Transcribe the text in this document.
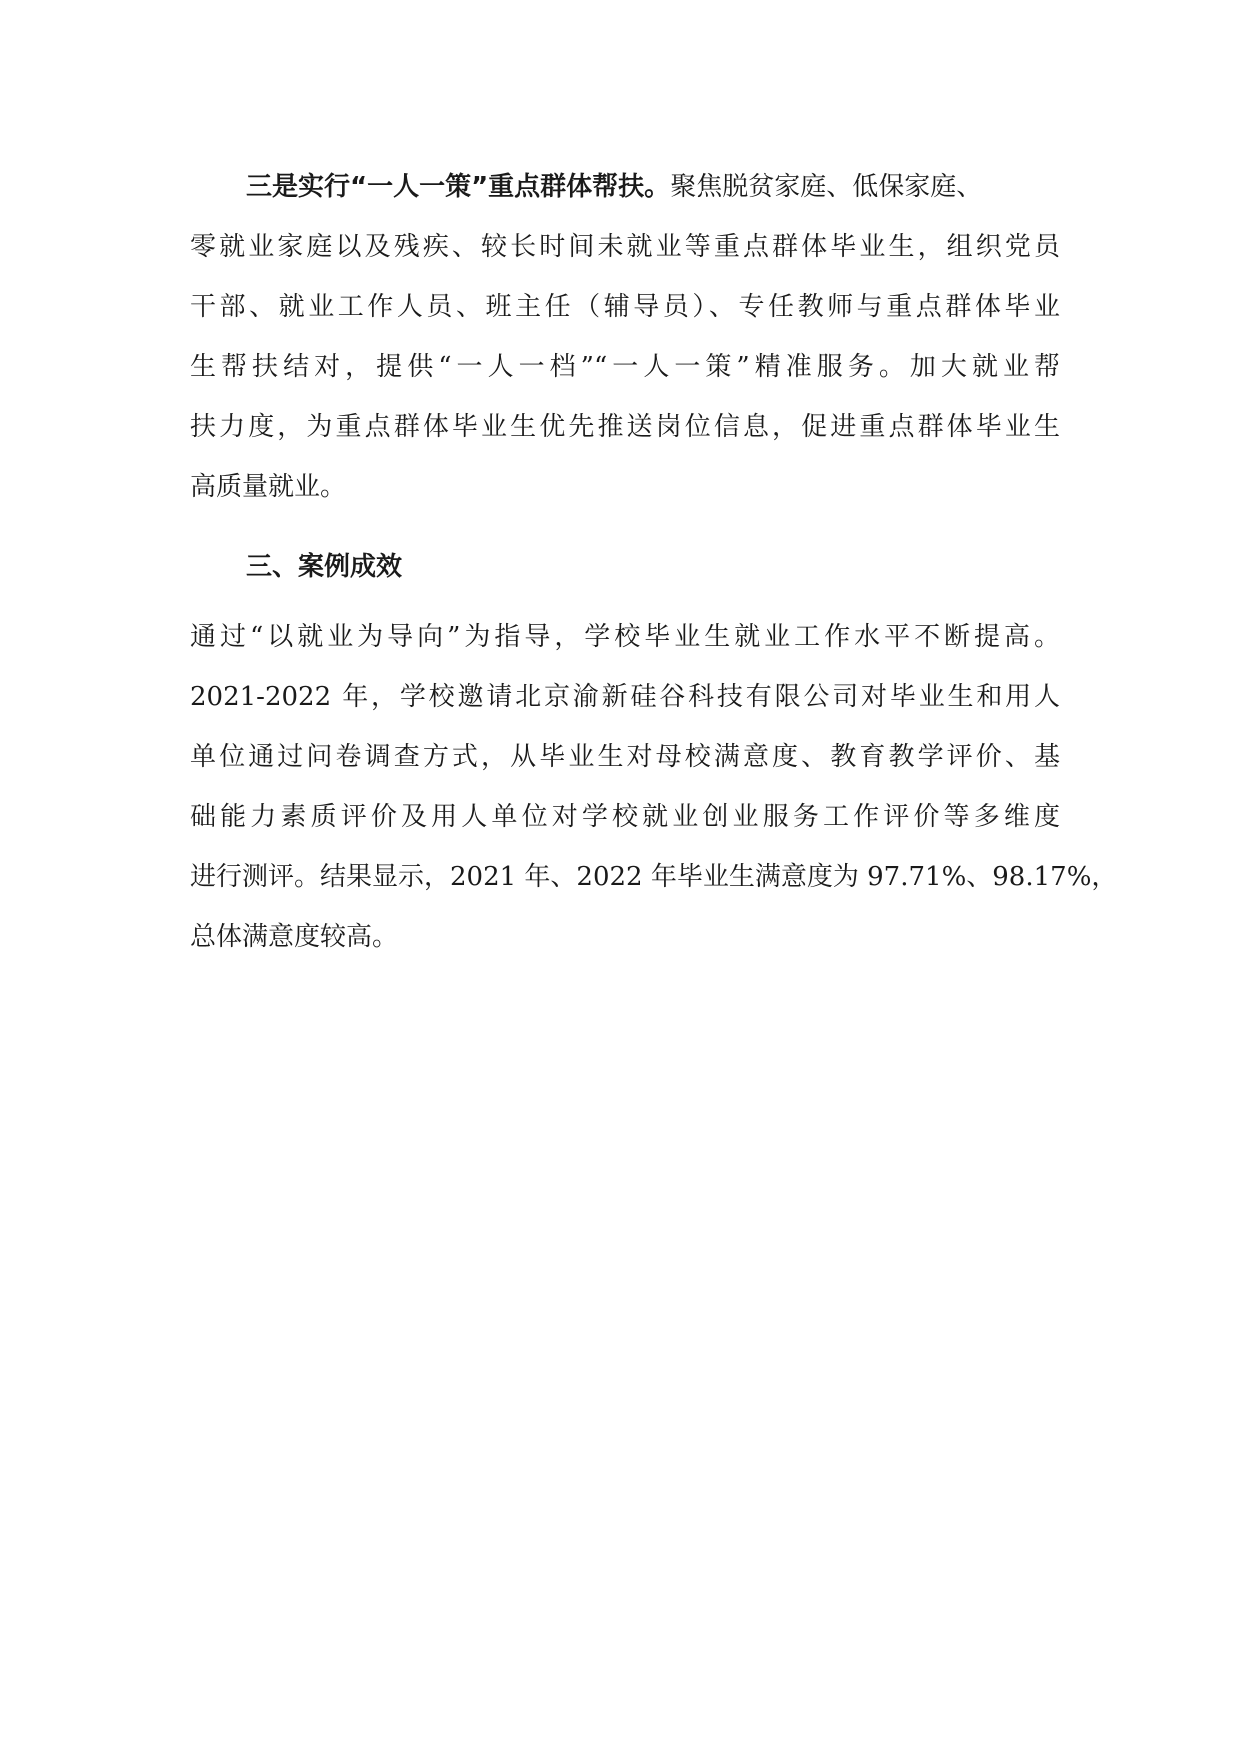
三是实行“一人一策”重点群体帮扶。聚焦脱贫家庭、低保家庭、
零就业家庭以及残疾、较长时间未就业等重点群体毕业生，组织党员
干部、就业工作人员、班主任（辅导员）、专任教师与重点群体毕业
生帮扶结对，提供“一人一档”“一人一策”精准服务。加大就业帮
扶力度，为重点群体毕业生优先推送岗位信息，促进重点群体毕业生
高质量就业。
三、案例成效
通过“以就业为导向”为指导，学校毕业生就业工作水平不断提高。
2021-2022 年，学校邀请北京渝新硅谷科技有限公司对毕业生和用人
单位通过问卷调查方式，从毕业生对母校满意度、教育教学评价、基
础能力素质评价及用人单位对学校就业创业服务工作评价等多维度
进行测评。结果显示，2021 年、2022 年毕业生满意度为 97.71%、98.17%，
总体满意度较高。
